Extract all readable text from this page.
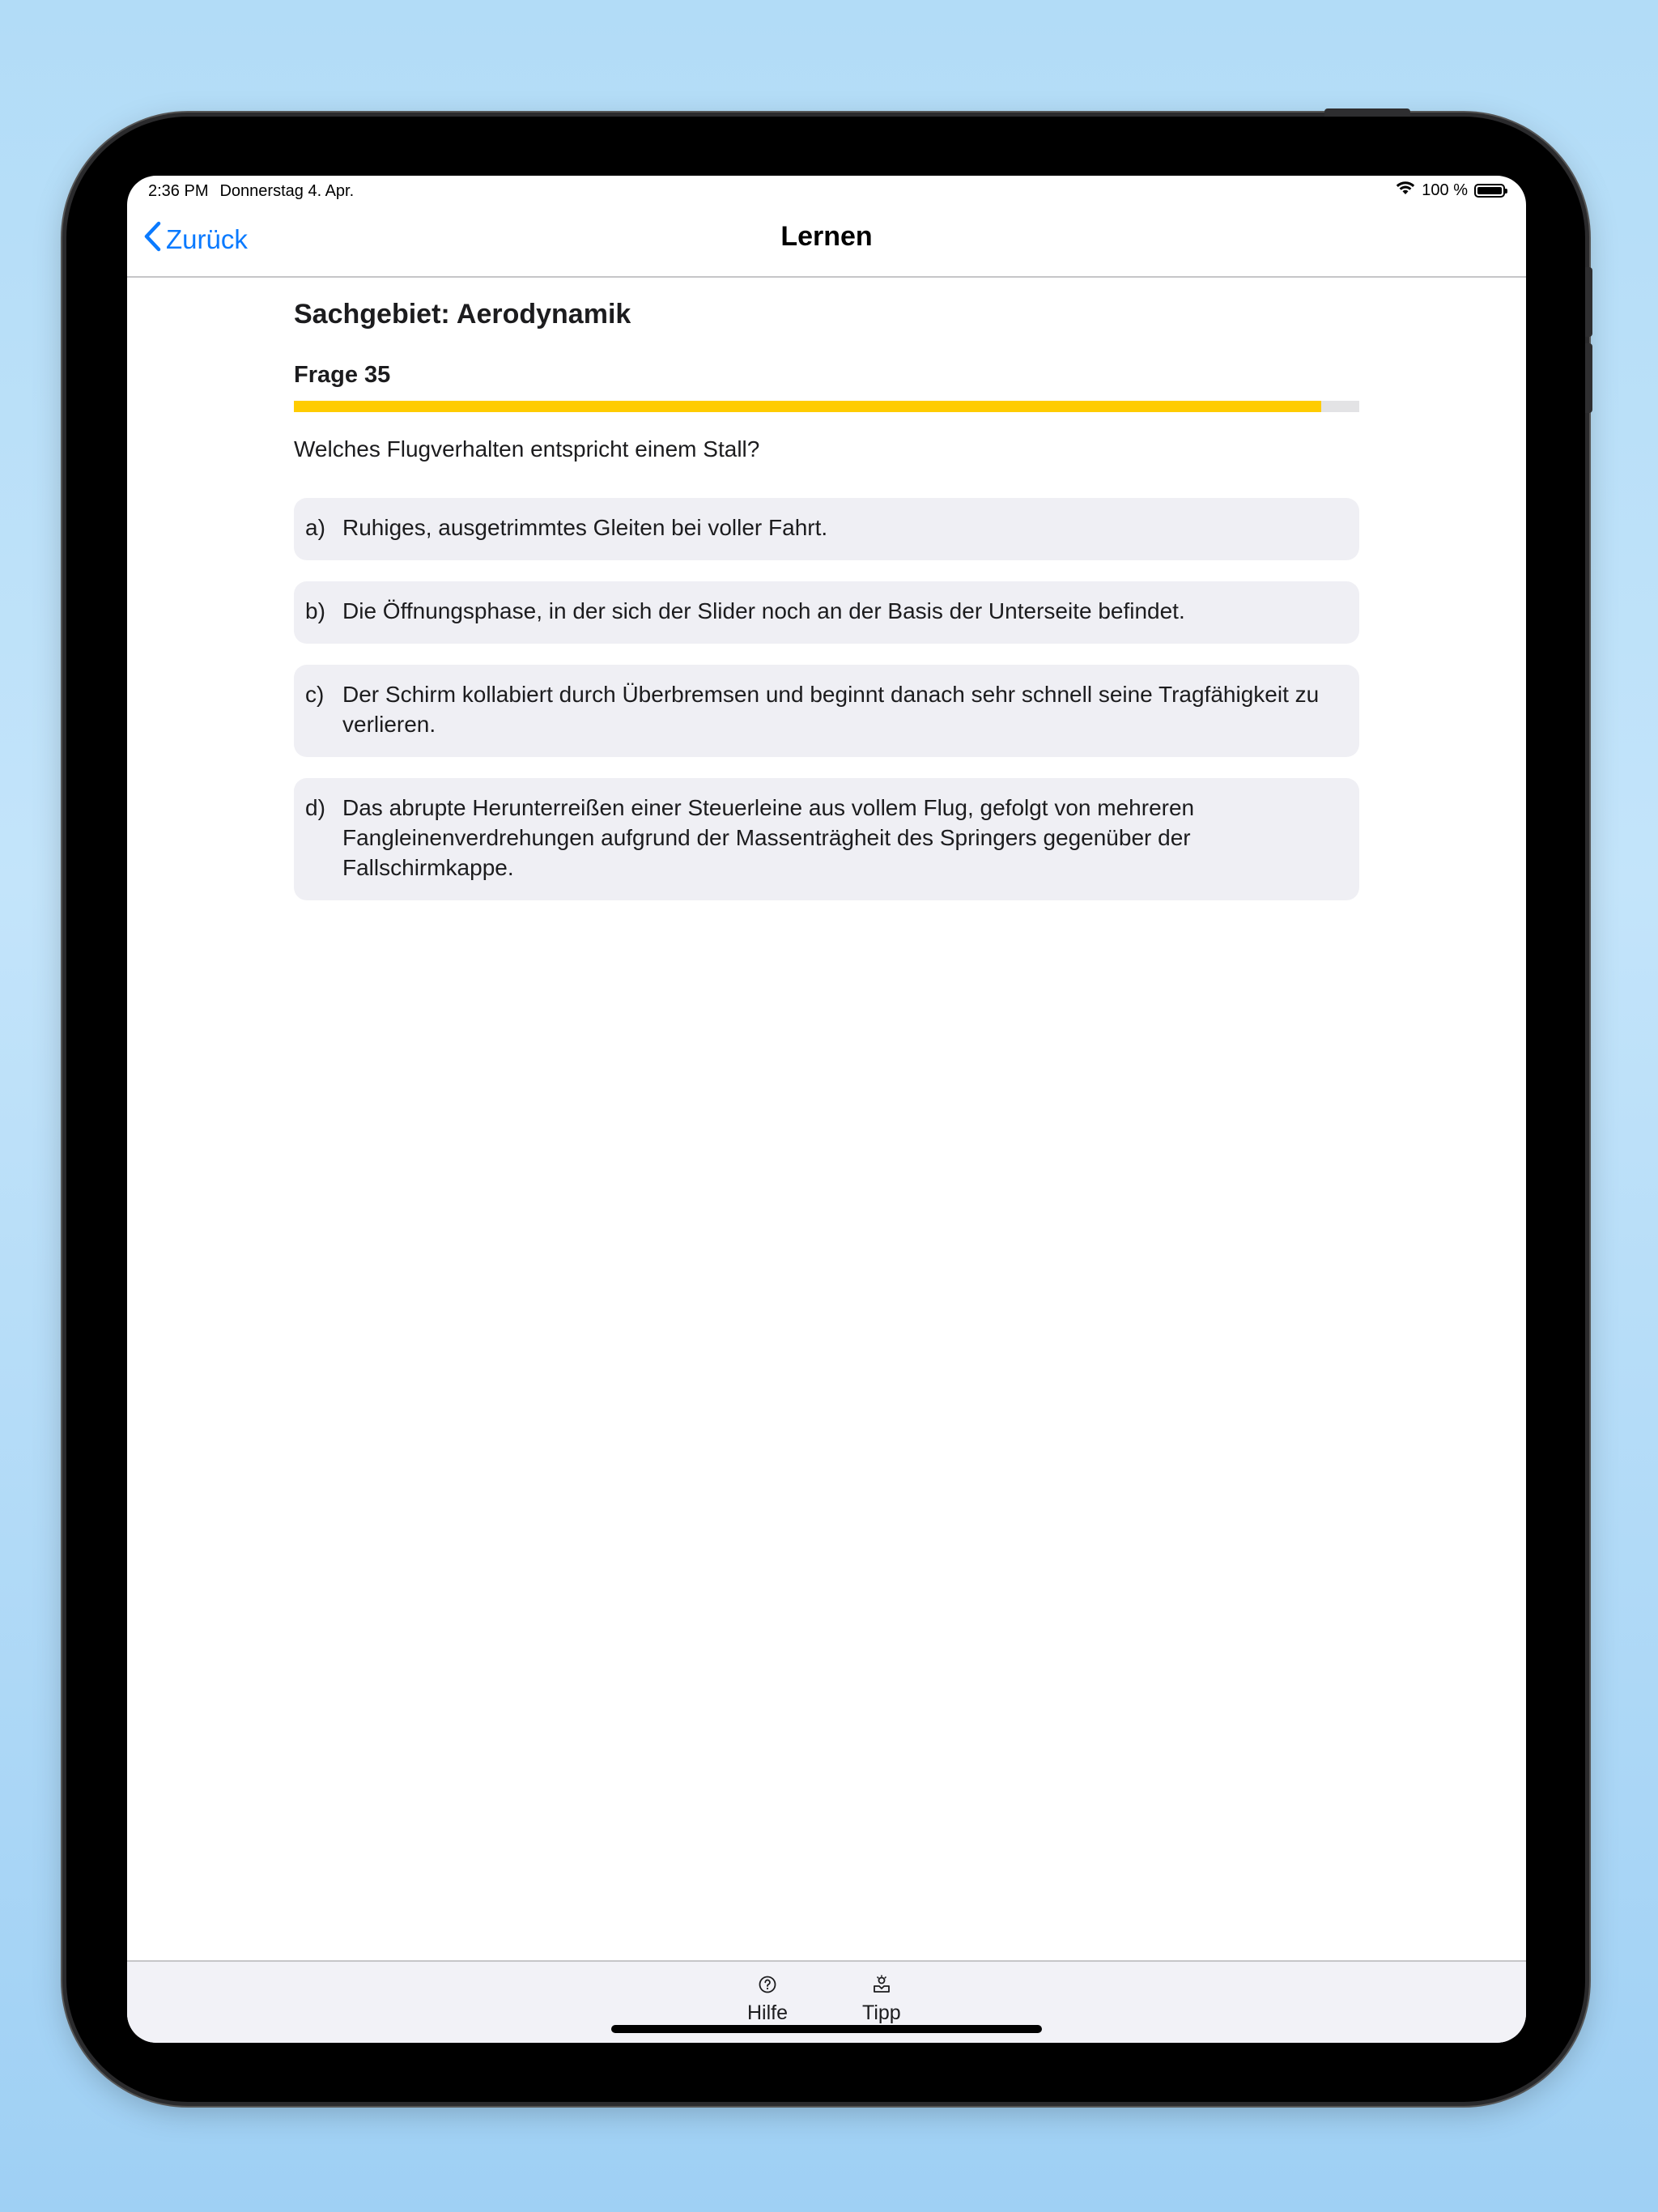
2:36 PM Donnerstag 4. Apr.	100 %
Zurück	Lernen
Sachgebiet: Aerodynamik
Frage 35
Welches Flugverhalten entspricht einem Stall?
a) Ruhiges, ausgetrimmtes Gleiten bei voller Fahrt.
b) Die Öffnungsphase, in der sich der Slider noch an der Basis der Unterseite befindet.
c) Der Schirm kollabiert durch Überbremsen und beginnt danach sehr schnell seine Tragfähigkeit zu verlieren.
d) Das abrupte Herunterreißen einer Steuerleine aus vollem Flug, gefolgt von mehreren Fangleinenverdrehungen aufgrund der Massenträgheit des Springers gegenüber der Fallschirmkappe.
Hilfe	Tipp
